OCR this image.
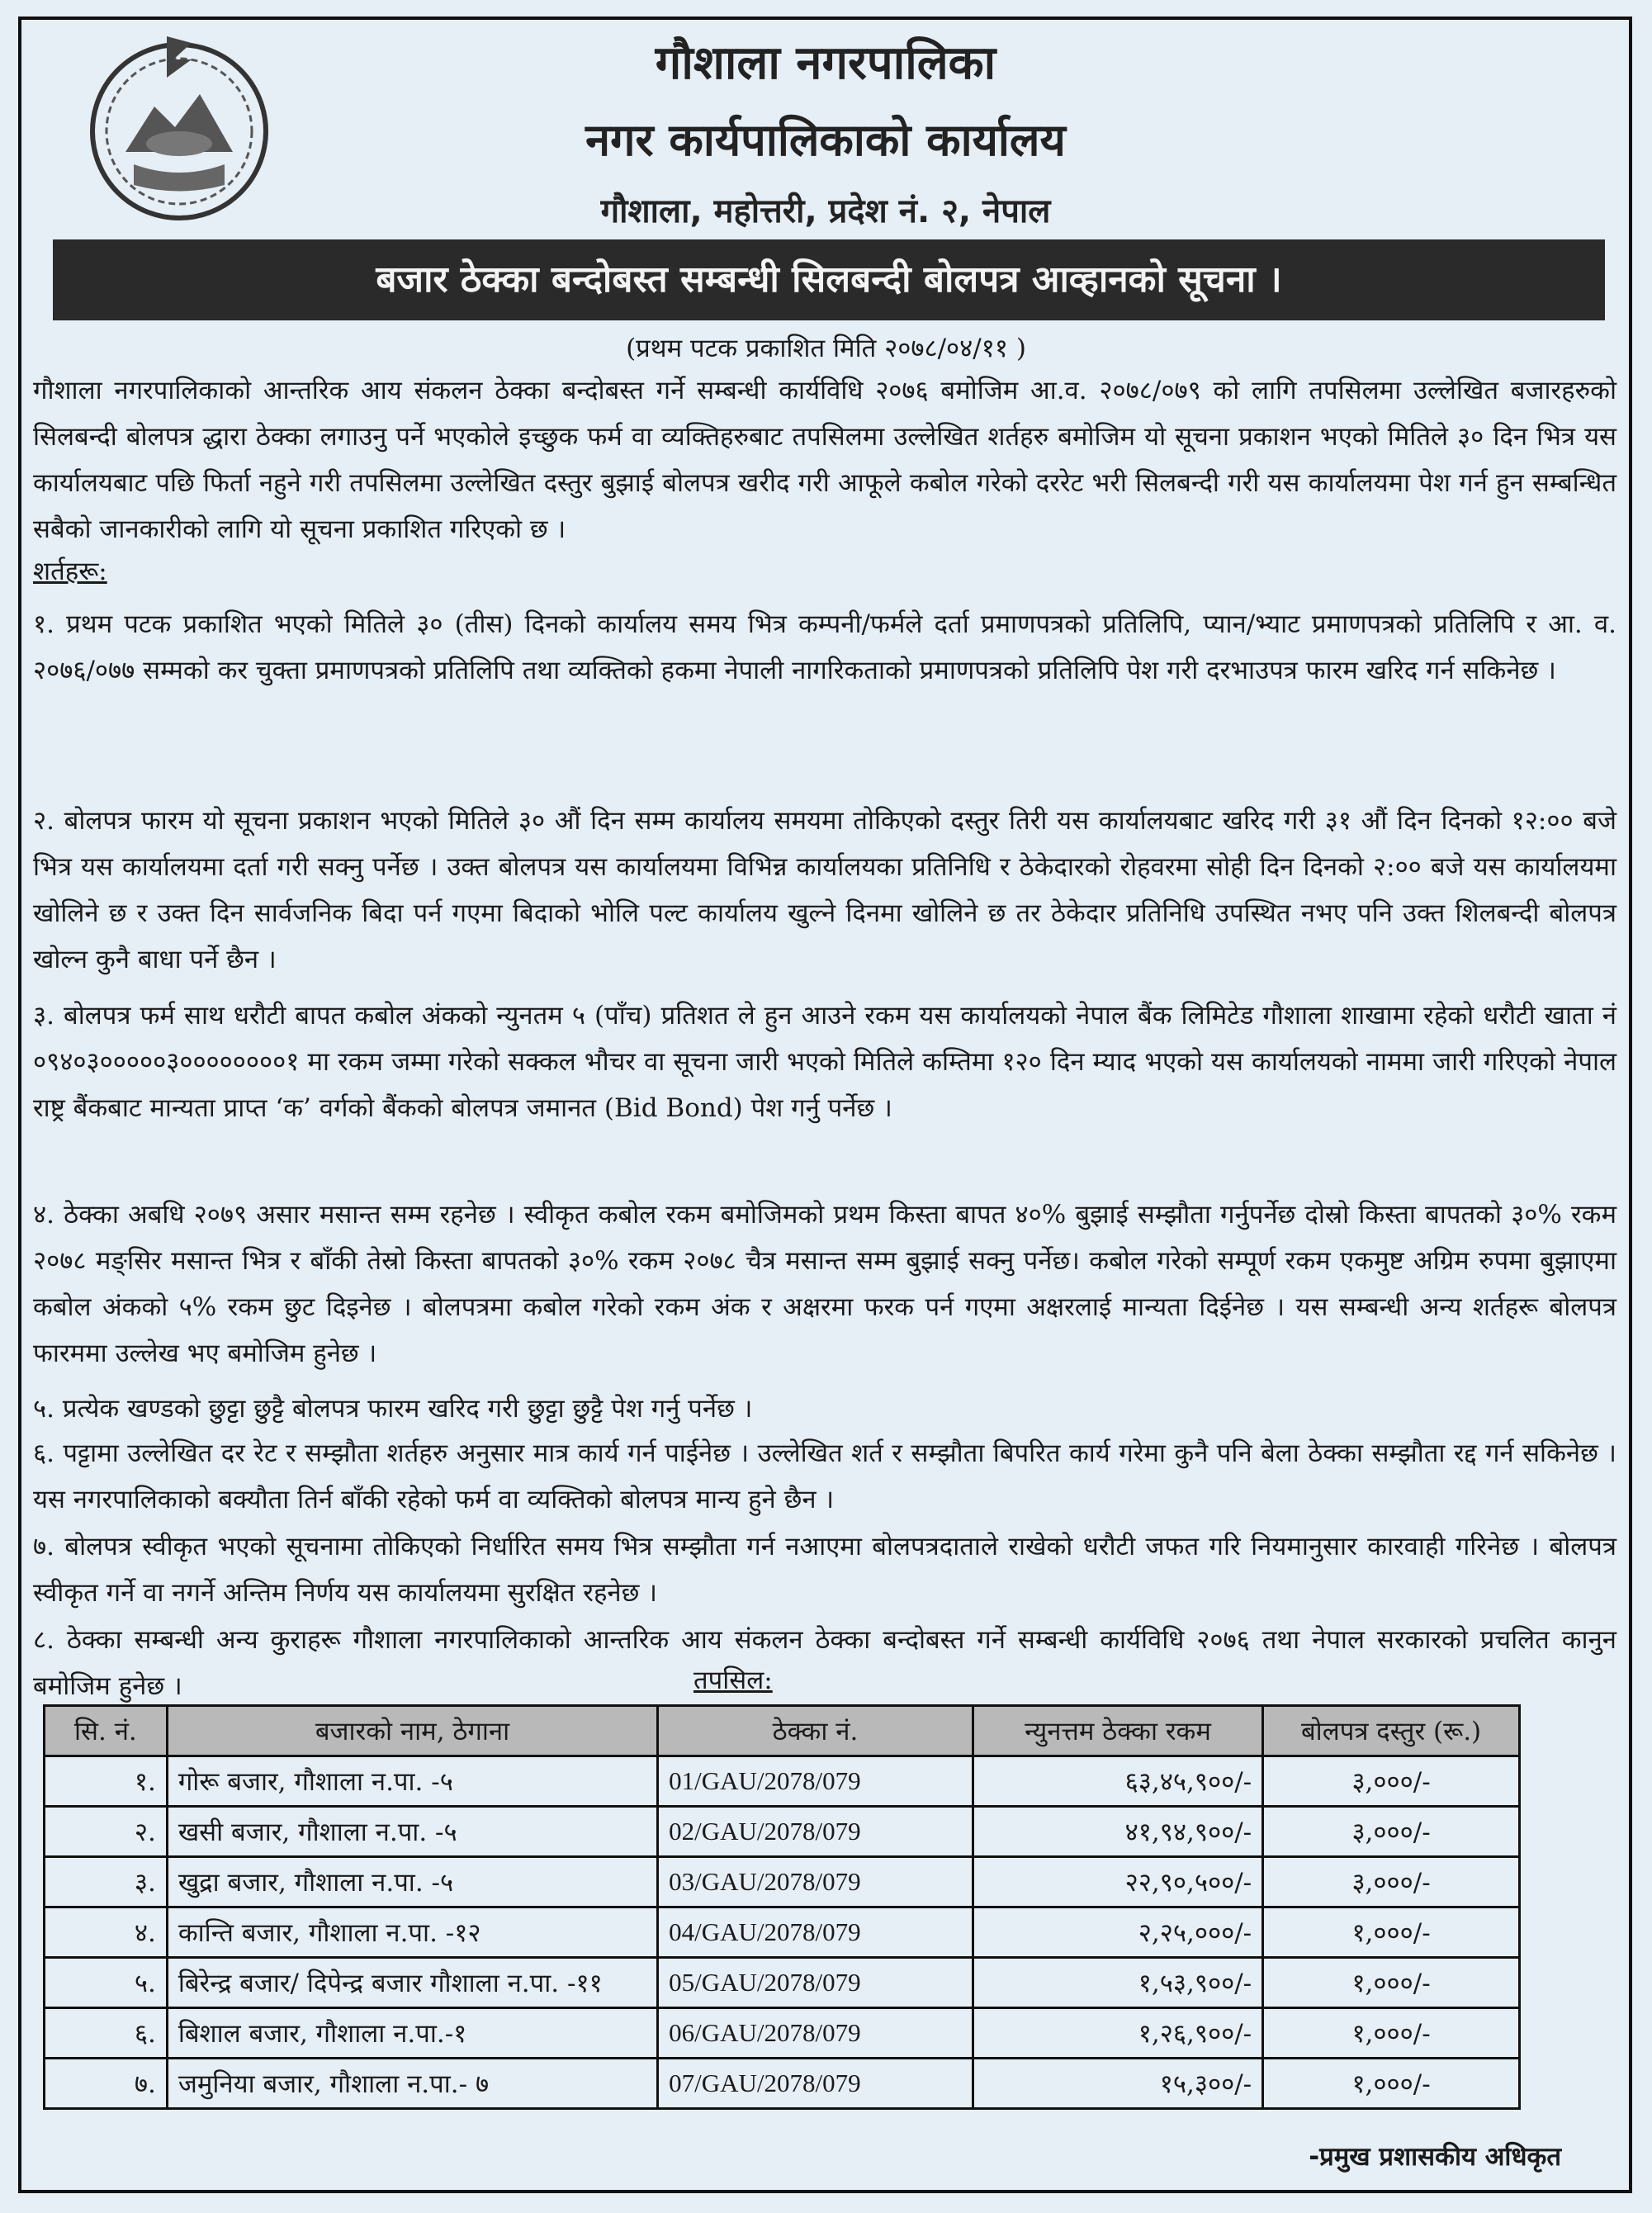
गौशाला नगरपालिका
नगर कार्यपालिकाको कार्यालय
गौशाला, महोत्तरी, प्रदेश नं. २, नेपाल
बजार ठेक्का बन्दोबस्त सम्बन्धी सिलबन्दी बोलपत्र आव्हानको सूचना ।
(प्रथम पटक प्रकाशित मिति २०७८/०४/११ )
गौशाला नगरपालिकाको आन्तरिक आय संकलन ठेक्का बन्दोबस्त गर्ने सम्बन्धी कार्यविधि २०७६ बमोजिम आ.व. २०७८/०७९ को लागि तपसिलमा उल्लेखित बजारहरुको सिलबन्दी बोलपत्र द्धारा ठेक्का लगाउनु पर्ने भएकोले इच्छुक फर्म वा व्यक्तिहरुबाट तपसिलमा उल्लेखित शर्तहरु बमोजिम यो सूचना प्रकाशन भएको मितिले ३० दिन भित्र यस कार्यालयबाट पछि फिर्ता नहुने गरी तपसिलमा उल्लेखित दस्तुर बुझाई बोलपत्र खरीद गरी आफूले कबोल गरेको दररेट भरी सिलबन्दी गरी यस कार्यालयमा पेश गर्न हुन सम्बन्धित सबैको जानकारीको लागि यो सूचना प्रकाशित गरिएको छ ।
शर्तहरू:
१. प्रथम पटक प्रकाशित भएको मितिले ३० (तीस) दिनको कार्यालय समय भित्र कम्पनी/फर्मले दर्ता प्रमाणपत्रको प्रतिलिपि, प्यान/भ्याट प्रमाणपत्रको प्रतिलिपि र आ. व. २०७६/०७७ सम्मको कर चुक्ता प्रमाणपत्रको प्रतिलिपि तथा व्यक्तिको हकमा नेपाली नागरिकताको प्रमाणपत्रको प्रतिलिपि पेश गरी दरभाउपत्र फारम खरिद गर्न सकिनेछ ।
२. बोलपत्र फारम यो सूचना प्रकाशन भएको मितिले ३० औं दिन सम्म कार्यालय समयमा तोकिएको दस्तुर तिरी यस कार्यालयबाट खरिद गरी ३१ औं दिन दिनको १२:०० बजे भित्र यस कार्यालयमा दर्ता गरी सक्नु पर्नेछ । उक्त बोलपत्र यस कार्यालयमा विभिन्न कार्यालयका प्रतिनिधि र ठेकेदारको रोहवरमा सोही दिन दिनको २:०० बजे यस कार्यालयमा खोलिने छ र उक्त दिन सार्वजनिक बिदा पर्न गएमा बिदाको भोलि पल्ट कार्यालय खुल्ने दिनमा खोलिने छ तर ठेकेदार प्रतिनिधि उपस्थित नभए पनि उक्त शिलबन्दी बोलपत्र खोल्न कुनै बाधा पर्ने छैन ।
३. बोलपत्र फर्म साथ धरौटी बापत कबोल अंकको न्युनतम ५ (पाँच) प्रतिशत ले हुन आउने रकम यस कार्यालयको नेपाल बैंक लिमिटेड गौशाला शाखामा रहेको धरौटी खाता नं ०९४०३०००००३००००००००१ मा रकम जम्मा गरेको सक्कल भौचर वा सूचना जारी भएको मितिले कम्तिमा १२० दिन म्याद भएको यस कार्यालयको नाममा जारी गरिएको नेपाल राष्ट्र बैंकबाट मान्यता प्राप्त ‘क’ वर्गको बैंकको बोलपत्र जमानत (Bid Bond) पेश गर्नु पर्नेछ ।
४. ठेक्का अबधि २०७९ असार मसान्त सम्म रहनेछ । स्वीकृत कबोल रकम बमोजिमको प्रथम किस्ता बापत ४०% बुझाई सम्झौता गर्नुपर्नेछ दोस्रो किस्ता बापतको ३०% रकम २०७८ मङ्सिर मसान्त भित्र र बाँकी तेस्रो किस्ता बापतको ३०% रकम २०७८ चैत्र मसान्त सम्म बुझाई सक्नु पर्नेछ। कबोल गरेको सम्पूर्ण रकम एकमुष्ट अग्रिम रुपमा बुझाएमा कबोल अंकको ५% रकम छुट दिइनेछ । बोलपत्रमा कबोल गरेको रकम अंक र अक्षरमा फरक पर्न गएमा अक्षरलाई मान्यता दिईनेछ । यस सम्बन्धी अन्य शर्तहरू बोलपत्र फारममा उल्लेख भए बमोजिम हुनेछ ।
५. प्रत्येक खण्डको छुट्टा छुट्टै बोलपत्र फारम खरिद गरी छुट्टा छुट्टै पेश गर्नु पर्नेछ ।
६. पट्टामा उल्लेखित दर रेट र सम्झौता शर्तहरु अनुसार मात्र कार्य गर्न पाईनेछ । उल्लेखित शर्त र सम्झौता बिपरित कार्य गरेमा कुनै पनि बेला ठेक्का सम्झौता रद्द गर्न सकिनेछ । यस नगरपालिकाको बक्यौता तिर्न बाँकी रहेको फर्म वा व्यक्तिको बोलपत्र मान्य हुने छैन ।
७. बोलपत्र स्वीकृत भएको सूचनामा तोकिएको निर्धारित समय भित्र सम्झौता गर्न नआएमा बोलपत्रदाताले राखेको धरौटी जफत गरि नियमानुसार कारवाही गरिनेछ । बोलपत्र स्वीकृत गर्ने वा नगर्ने अन्तिम निर्णय यस कार्यालयमा सुरक्षित रहनेछ ।
८. ठेक्का सम्बन्धी अन्य कुराहरू गौशाला नगरपालिकाको आन्तरिक आय संकलन ठेक्का बन्दोबस्त गर्ने सम्बन्धी कार्यविधि २०७६ तथा नेपाल सरकारको प्रचलित कानुन बमोजिम हुनेछ ।	तपसिल:
सि. नं.	बजारको नाम, ठेगाना	ठेक्का नं.	न्युनत्तम ठेक्का रकम	बोलपत्र दस्तुर (रू.)
१.	गोरू बजार, गौशाला न.पा. -५	01/GAU/2078/079	६३,४५,९००/-	३,०००/-
२.	खसी बजार, गौशाला न.पा. -५	02/GAU/2078/079	४१,९४,९००/-	३,०००/-
३.	खुद्रा बजार, गौशाला न.पा. -५	03/GAU/2078/079	२२,९०,५००/-	३,०००/-
४.	कान्ति बजार, गौशाला न.पा. -१२	04/GAU/2078/079	२,२५,०००/-	१,०००/-
५.	बिरेन्द्र बजार/ दिपेन्द्र बजार गौशाला न.पा. -११	05/GAU/2078/079	१,५३,९००/-	१,०००/-
६.	बिशाल बजार, गौशाला न.पा.-१	06/GAU/2078/079	१,२६,९००/-	१,०००/-
७.	जमुनिया बजार, गौशाला न.पा.- ७	07/GAU/2078/079	१५,३००/-	१,०००/-
-प्रमुख प्रशासकीय अधिकृत
